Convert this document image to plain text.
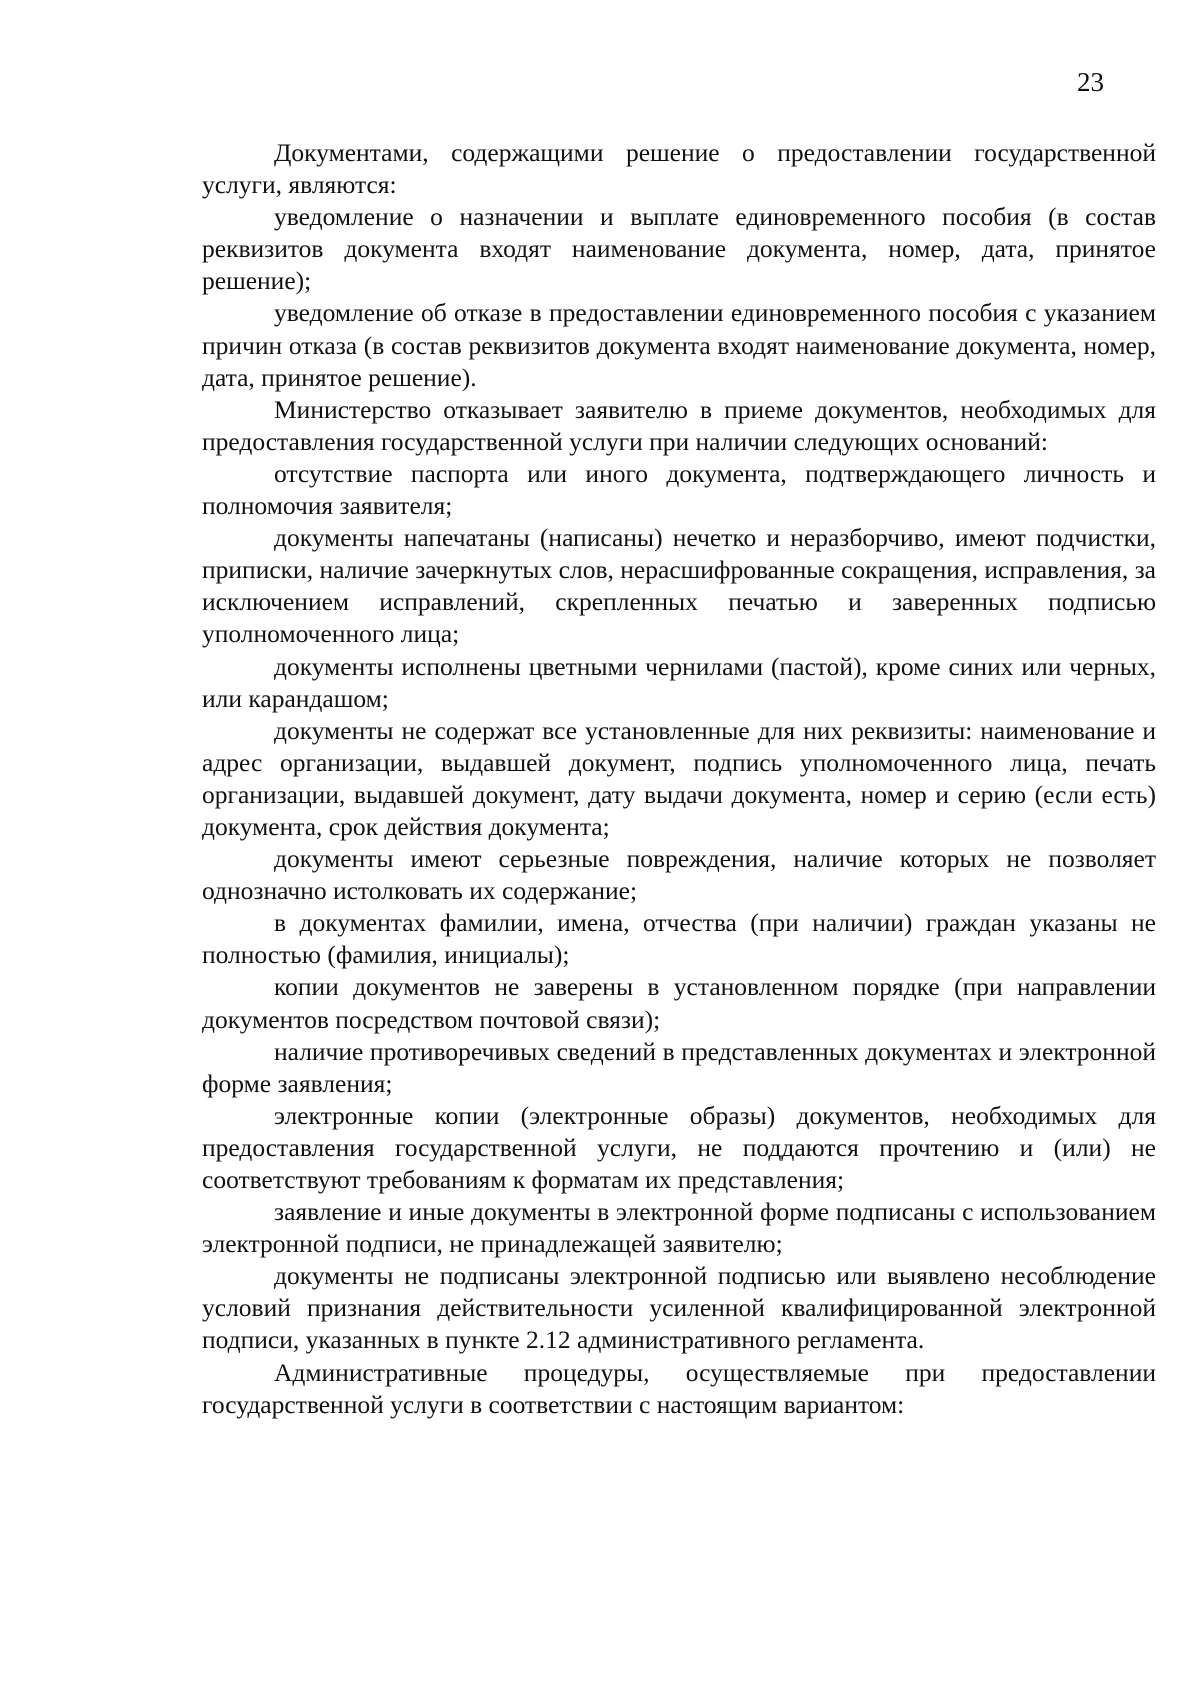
23

Документами, содержащими решение о предоставлении государственной услуги, являются:

уведомление о назначении и выплате единовременного пособия (в состав реквизитов документа входят наименование документа, номер, дата, принятое решение);

уведомление об отказе в предоставлении единовременного пособия с указанием причин отказа (в состав реквизитов документа входят наименование документа, номер, дата, принятое решение).

Министерство отказывает заявителю в приеме документов, необходимых для предоставления государственной услуги при наличии следующих оснований:

отсутствие паспорта или иного документа, подтверждающего личность и полномочия заявителя;

документы напечатаны (написаны) нечетко и неразборчиво, имеют подчистки, приписки, наличие зачеркнутых слов, нерасшифрованные сокращения, исправления, за исключением исправлений, скрепленных печатью и заверенных подписью уполномоченного лица;

документы исполнены цветными чернилами (пастой), кроме синих или черных, или карандашом;

документы не содержат все установленные для них реквизиты: наименование и адрес организации, выдавшей документ, подпись уполномоченного лица, печать организации, выдавшей документ, дату выдачи документа, номер и серию (если есть) документа, срок действия документа;

документы имеют серьезные повреждения, наличие которых не позволяет однозначно истолковать их содержание;

в документах фамилии, имена, отчества (при наличии) граждан указаны не полностью (фамилия, инициалы);

копии документов не заверены в установленном порядке (при направлении документов посредством почтовой связи);

наличие противоречивых сведений в представленных документах и электронной форме заявления;

электронные копии (электронные образы) документов, необходимых для предоставления государственной услуги, не поддаются прочтению и (или) не соответствуют требованиям к форматам их представления;

заявление и иные документы в электронной форме подписаны с использованием электронной подписи, не принадлежащей заявителю;

документы не подписаны электронной подписью или выявлено несоблюдение условий признания действительности усиленной квалифицированной электронной подписи, указанных в пункте 2.12 административного регламента.

Административные процедуры, осуществляемые при предоставлении государственной услуги в соответствии с настоящим вариантом:
